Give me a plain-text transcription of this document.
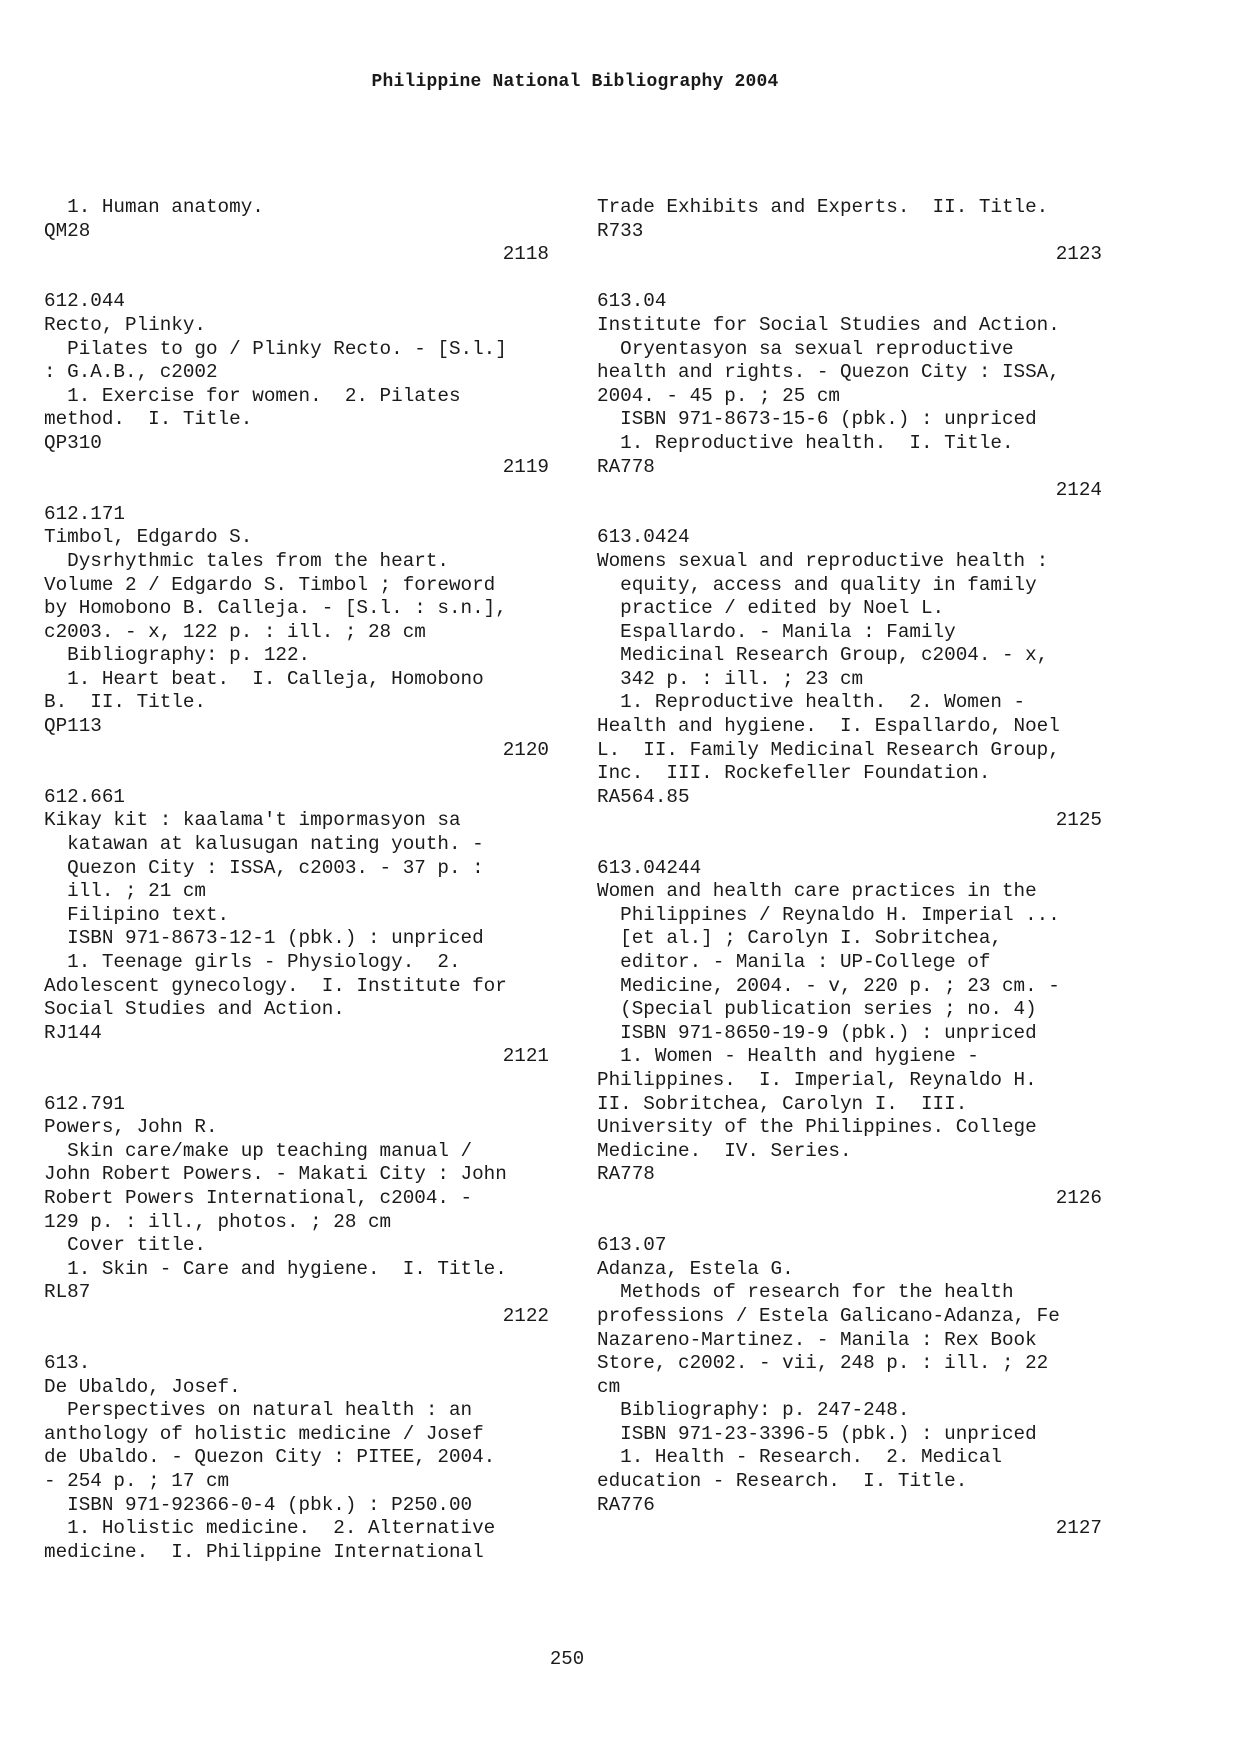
Philippine National Bibliography 2004
1. Human anatomy.
QM28
2118
612.044
Recto, Plinky.
Pilates to go / Plinky Recto. - [S.l.]
: G.A.B., c2002
1. Exercise for women.  2. Pilates
method.  I. Title.
QP310
2119
612.171
Timbol, Edgardo S.
Dysrhythmic tales from the heart.
Volume 2 / Edgardo S. Timbol ; foreword
by Homobono B. Calleja. - [S.l. : s.n.],
c2003. - x, 122 p. : ill. ; 28 cm
Bibliography: p. 122.
1. Heart beat.  I. Calleja, Homobono
B.  II. Title.
QP113
2120
612.661
Kikay kit : kaalama't impormasyon sa
katawan at kalusugan nating youth. -
Quezon City : ISSA, c2003. - 37 p. :
ill. ; 21 cm
Filipino text.
ISBN 971-8673-12-1 (pbk.) : unpriced
1. Teenage girls - Physiology.  2.
Adolescent gynecology.  I. Institute for
Social Studies and Action.
RJ144
2121
612.791
Powers, John R.
Skin care/make up teaching manual /
John Robert Powers. - Makati City : John
Robert Powers International, c2004. -
129 p. : ill., photos. ; 28 cm
Cover title.
1. Skin - Care and hygiene.  I. Title.
RL87
2122
613.
De Ubaldo, Josef.
Perspectives on natural health : an
anthology of holistic medicine / Josef
de Ubaldo. - Quezon City : PITEE, 2004.
- 254 p. ; 17 cm
ISBN 971-92366-0-4 (pbk.) : P250.00
1. Holistic medicine.  2. Alternative
medicine.  I. Philippine International
Trade Exhibits and Experts.  II. Title.
R733
2123
613.04
Institute for Social Studies and Action.
Oryentasyon sa sexual reproductive
health and rights. - Quezon City : ISSA,
2004. - 45 p. ; 25 cm
ISBN 971-8673-15-6 (pbk.) : unpriced
1. Reproductive health.  I. Title.
RA778
2124
613.0424
Womens sexual and reproductive health :
equity, access and quality in family
practice / edited by Noel L.
Espallardo. - Manila : Family
Medicinal Research Group, c2004. - x,
342 p. : ill. ; 23 cm
1. Reproductive health.  2. Women -
Health and hygiene.  I. Espallardo, Noel
L.  II. Family Medicinal Research Group,
Inc.  III. Rockefeller Foundation.
RA564.85
2125
613.04244
Women and health care practices in the
Philippines / Reynaldo H. Imperial ...
[et al.] ; Carolyn I. Sobritchea,
editor. - Manila : UP-College of
Medicine, 2004. - v, 220 p. ; 23 cm. -
(Special publication series ; no. 4)
ISBN 971-8650-19-9 (pbk.) : unpriced
1. Women - Health and hygiene -
Philippines.  I. Imperial, Reynaldo H.
II. Sobritchea, Carolyn I.  III.
University of the Philippines. College
Medicine.  IV. Series.
RA778
2126
613.07
Adanza, Estela G.
Methods of research for the health
professions / Estela Galicano-Adanza, Fe
Nazareno-Martinez. - Manila : Rex Book
Store, c2002. - vii, 248 p. : ill. ; 22
cm
Bibliography: p. 247-248.
ISBN 971-23-3396-5 (pbk.) : unpriced
1. Health - Research.  2. Medical
education - Research.  I. Title.
RA776
2127
250
